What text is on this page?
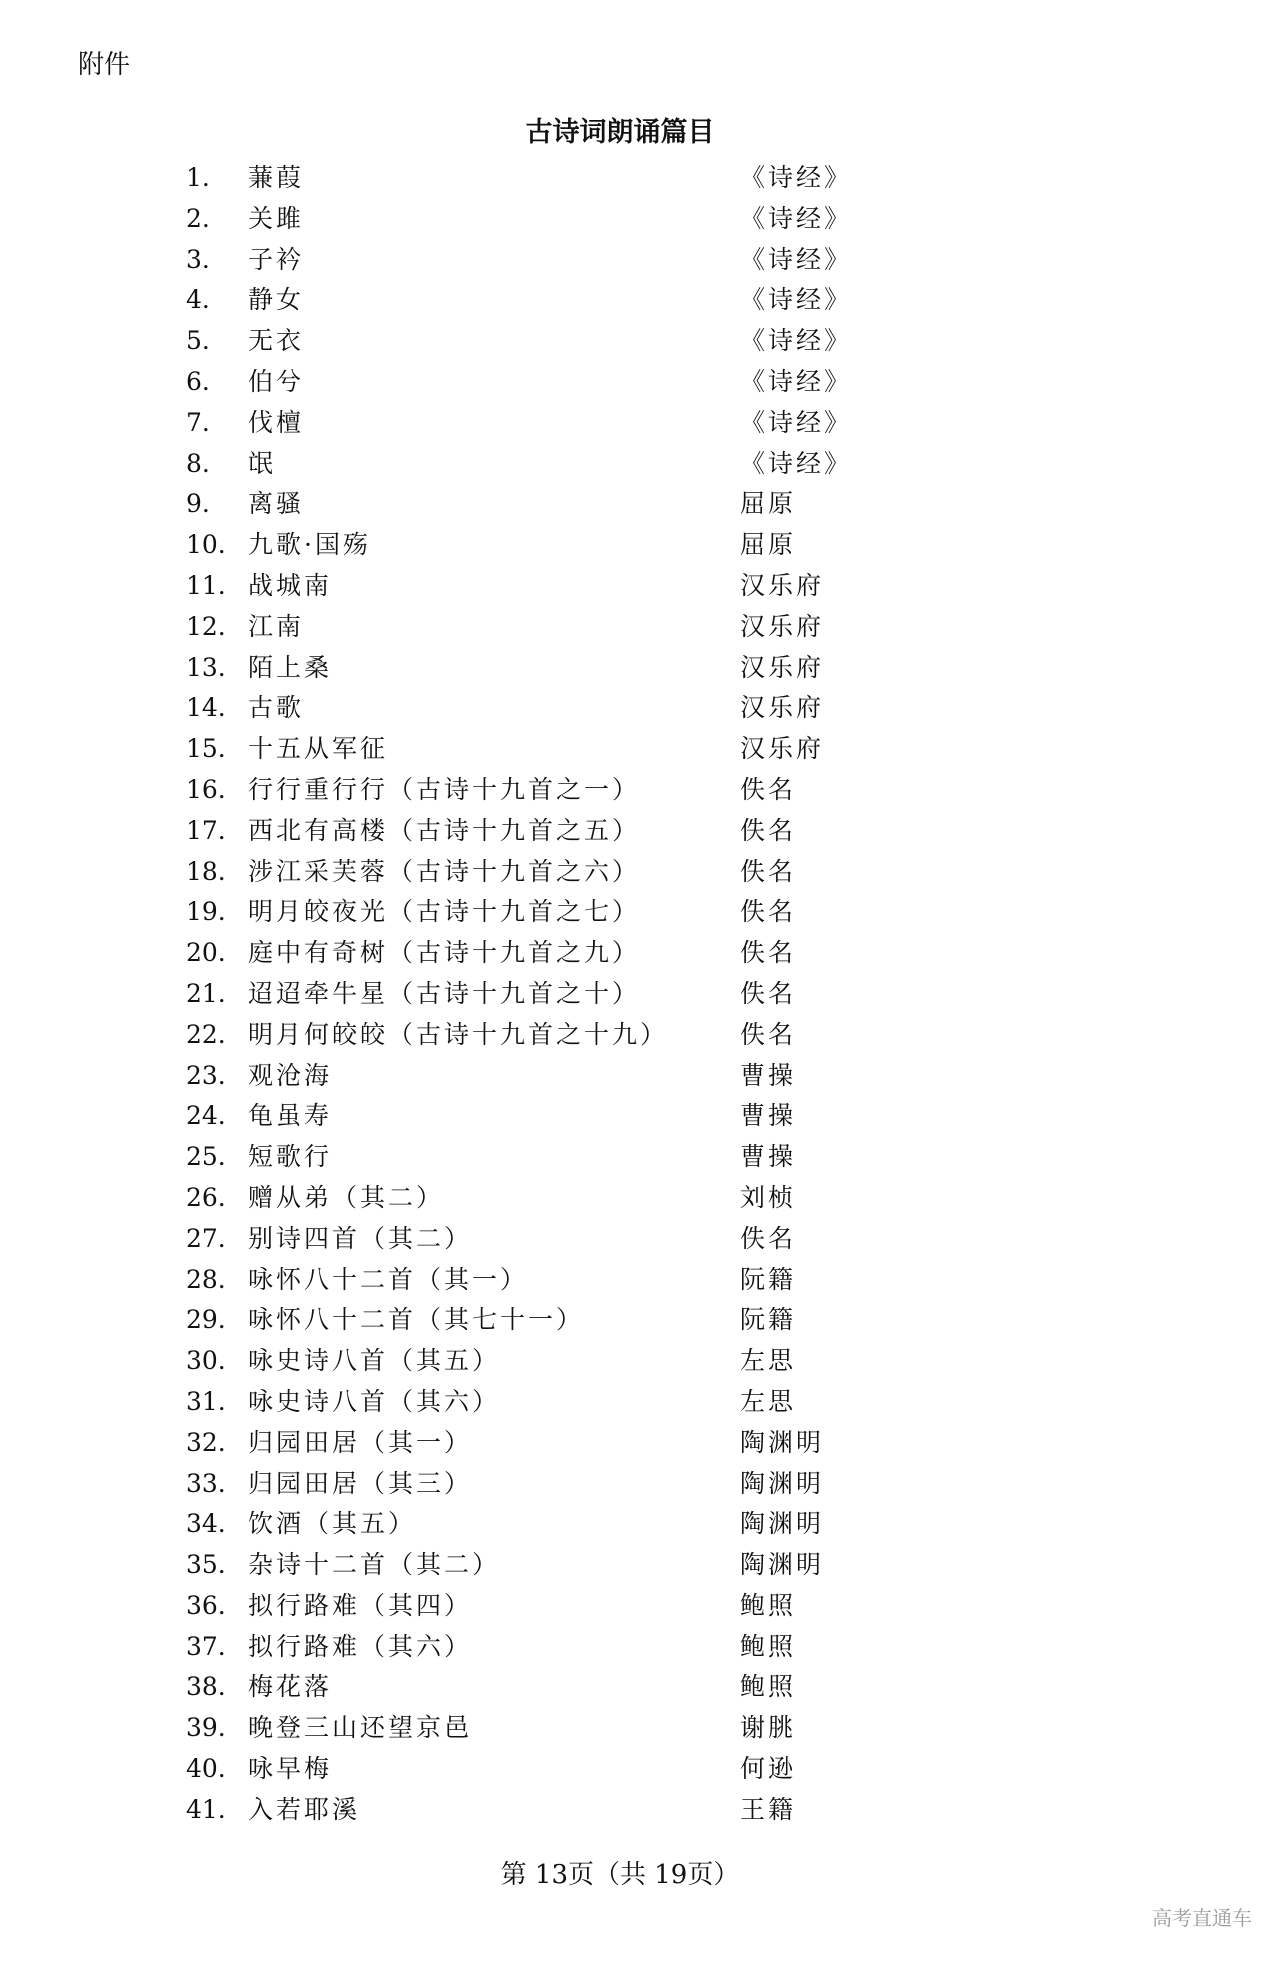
附件
古诗词朗诵篇目
1. 蒹葭	《诗经》
2. 关雎	《诗经》
3. 子衿	《诗经》
4. 静女	《诗经》
5. 无衣	《诗经》
6. 伯兮	《诗经》
7. 伐檀	《诗经》
8. 氓	《诗经》
9. 离骚	屈原
10. 九歌·国殇	屈原
11. 战城南	汉乐府
12. 江南	汉乐府
13. 陌上桑	汉乐府
14. 古歌	汉乐府
15. 十五从军征	汉乐府
16. 行行重行行（古诗十九首之一）	佚名
17. 西北有高楼（古诗十九首之五）	佚名
18. 涉江采芙蓉（古诗十九首之六）	佚名
19. 明月皎夜光（古诗十九首之七）	佚名
20. 庭中有奇树（古诗十九首之九）	佚名
21. 迢迢牵牛星（古诗十九首之十）	佚名
22. 明月何皎皎（古诗十九首之十九）	佚名
23. 观沧海	曹操
24. 龟虽寿	曹操
25. 短歌行	曹操
26. 赠从弟（其二）	刘桢
27. 别诗四首（其二）	佚名
28. 咏怀八十二首（其一）	阮籍
29. 咏怀八十二首（其七十一）	阮籍
30. 咏史诗八首（其五）	左思
31. 咏史诗八首（其六）	左思
32. 归园田居（其一）	陶渊明
33. 归园田居（其三）	陶渊明
34. 饮酒（其五）	陶渊明
35. 杂诗十二首（其二）	陶渊明
36. 拟行路难（其四）	鲍照
37. 拟行路难（其六）	鲍照
38. 梅花落	鲍照
39. 晚登三山还望京邑	谢朓
40. 咏早梅	何逊
41. 入若耶溪	王籍
第 13页（共 19页）
高考直通车
